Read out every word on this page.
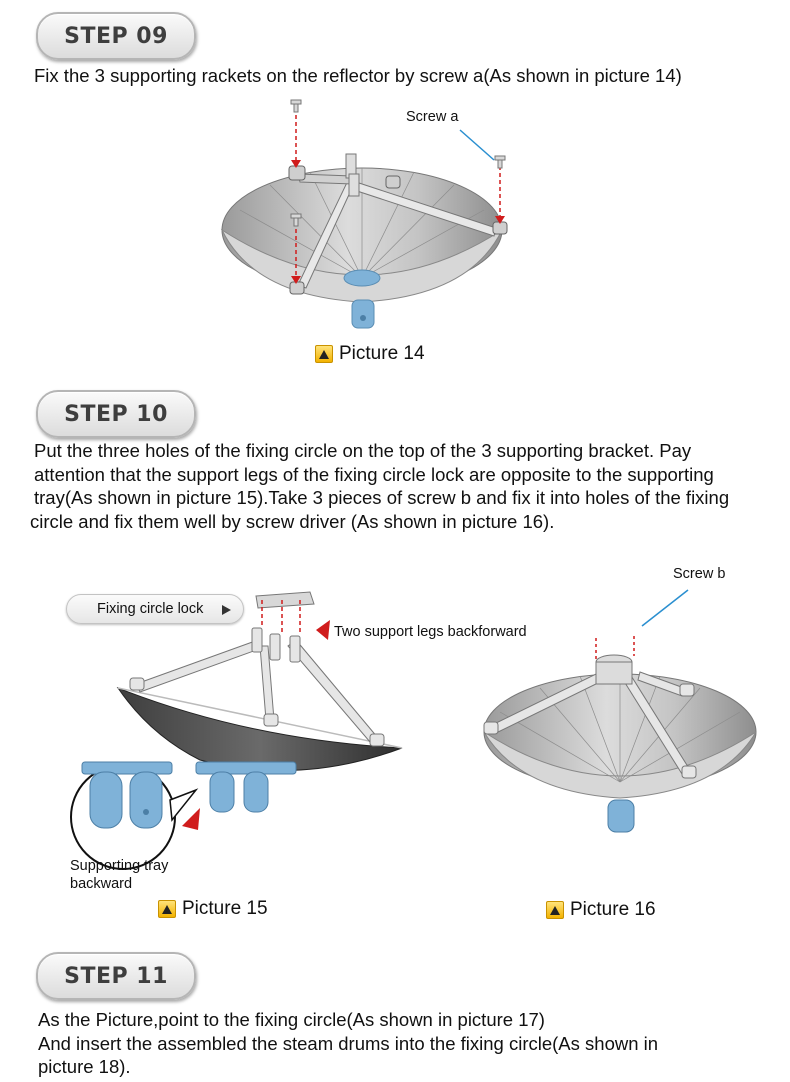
STEP 09
Fix the 3 supporting rackets on the reflector by screw a(As shown in picture 14)
Screw a
Picture 14
STEP 10
Put the three holes of the fixing circle on the top of the 3 supporting bracket. Pay
attention that the support legs of the fixing circle lock are opposite to the supporting
tray(As shown in picture 15).Take 3 pieces of screw b and fix it into holes of the fixing
circle and fix them well by screw driver (As shown in picture 16).
Fixing circle lock
Two support legs backforward
Supporting tray
backward
Screw b
Picture 15	Picture 16
STEP 11
As the Picture,point to the fixing circle(As shown in picture 17)
And insert the assembled the steam drums into the fixing circle(As shown in
picture 18).
